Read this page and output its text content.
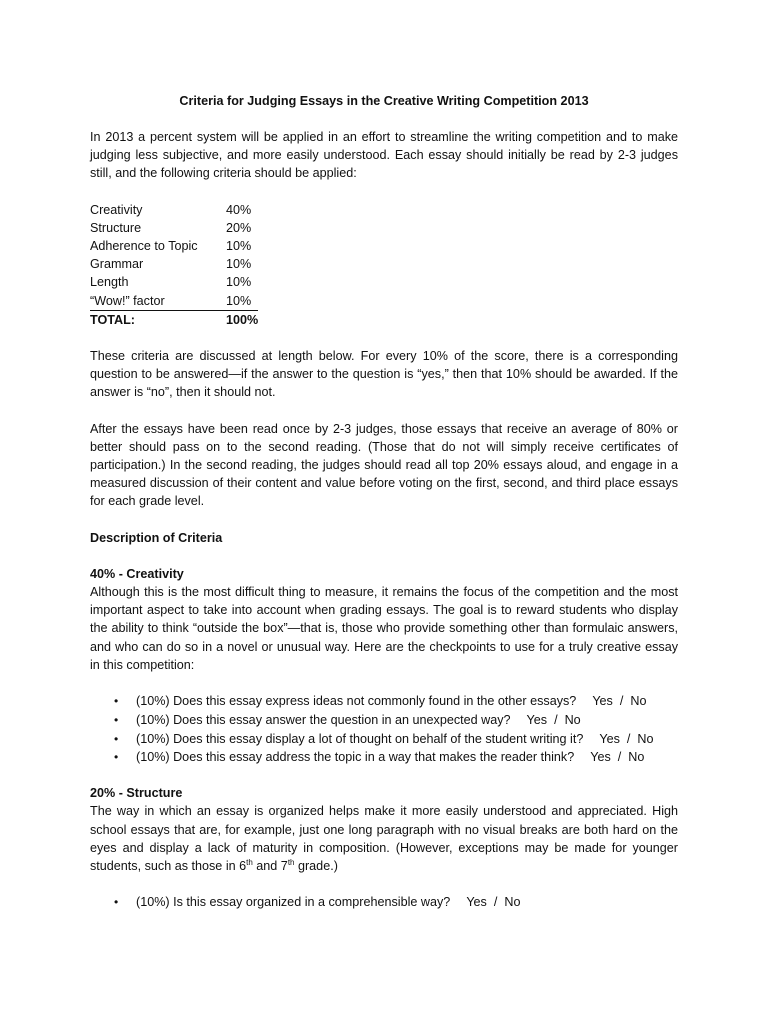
Criteria for Judging Essays in the Creative Writing Competition 2013

In 2013 a percent system will be applied in an effort to streamline the writing competition and to make judging less subjective, and more easily understood. Each essay should initially be read by 2-3 judges still, and the following criteria should be applied:

Creativity	40%
Structure	20%
Adherence to Topic	10%
Grammar	10%
Length	10%
“Wow!” factor	10%
TOTAL:	100%

These criteria are discussed at length below. For every 10% of the score, there is a corresponding question to be answered—if the answer to the question is “yes,” then that 10% should be awarded. If the answer is “no”, then it should not.

After the essays have been read once by 2-3 judges, those essays that receive an average of 80% or better should pass on to the second reading. (Those that do not will simply receive certificates of participation.) In the second reading, the judges should read all top 20% essays aloud, and engage in a measured discussion of their content and value before voting on the first, second, and third place essays for each grade level.

Description of Criteria
40% - Creativity

Although this is the most difficult thing to measure, it remains the focus of the competition and the most important aspect to take into account when grading essays. The goal is to reward students who display the ability to think “outside the box”—that is, those who provide something other than formulaic answers, and who can do so in a novel or unusual way. Here are the checkpoints to use for a truly creative essay in this competition:

• (10%) Does this essay express ideas not commonly found in the other essays? Yes  /  No
• (10%) Does this essay answer the question in an unexpected way? Yes  /  No
• (10%) Does this essay display a lot of thought on behalf of the student writing it? Yes  /  No
• (10%) Does this essay address the topic in a way that makes the reader think? Yes  /  No
20% - Structure

The way in which an essay is organized helps make it more easily understood and appreciated. High school essays that are, for example, just one long paragraph with no visual breaks are both hard on the eyes and display a lack of maturity in composition. (However, exceptions may be made for younger students, such as those in 6th and 7th grade.)

• (10%) Is this essay organized in a comprehensible way? Yes  /  No
